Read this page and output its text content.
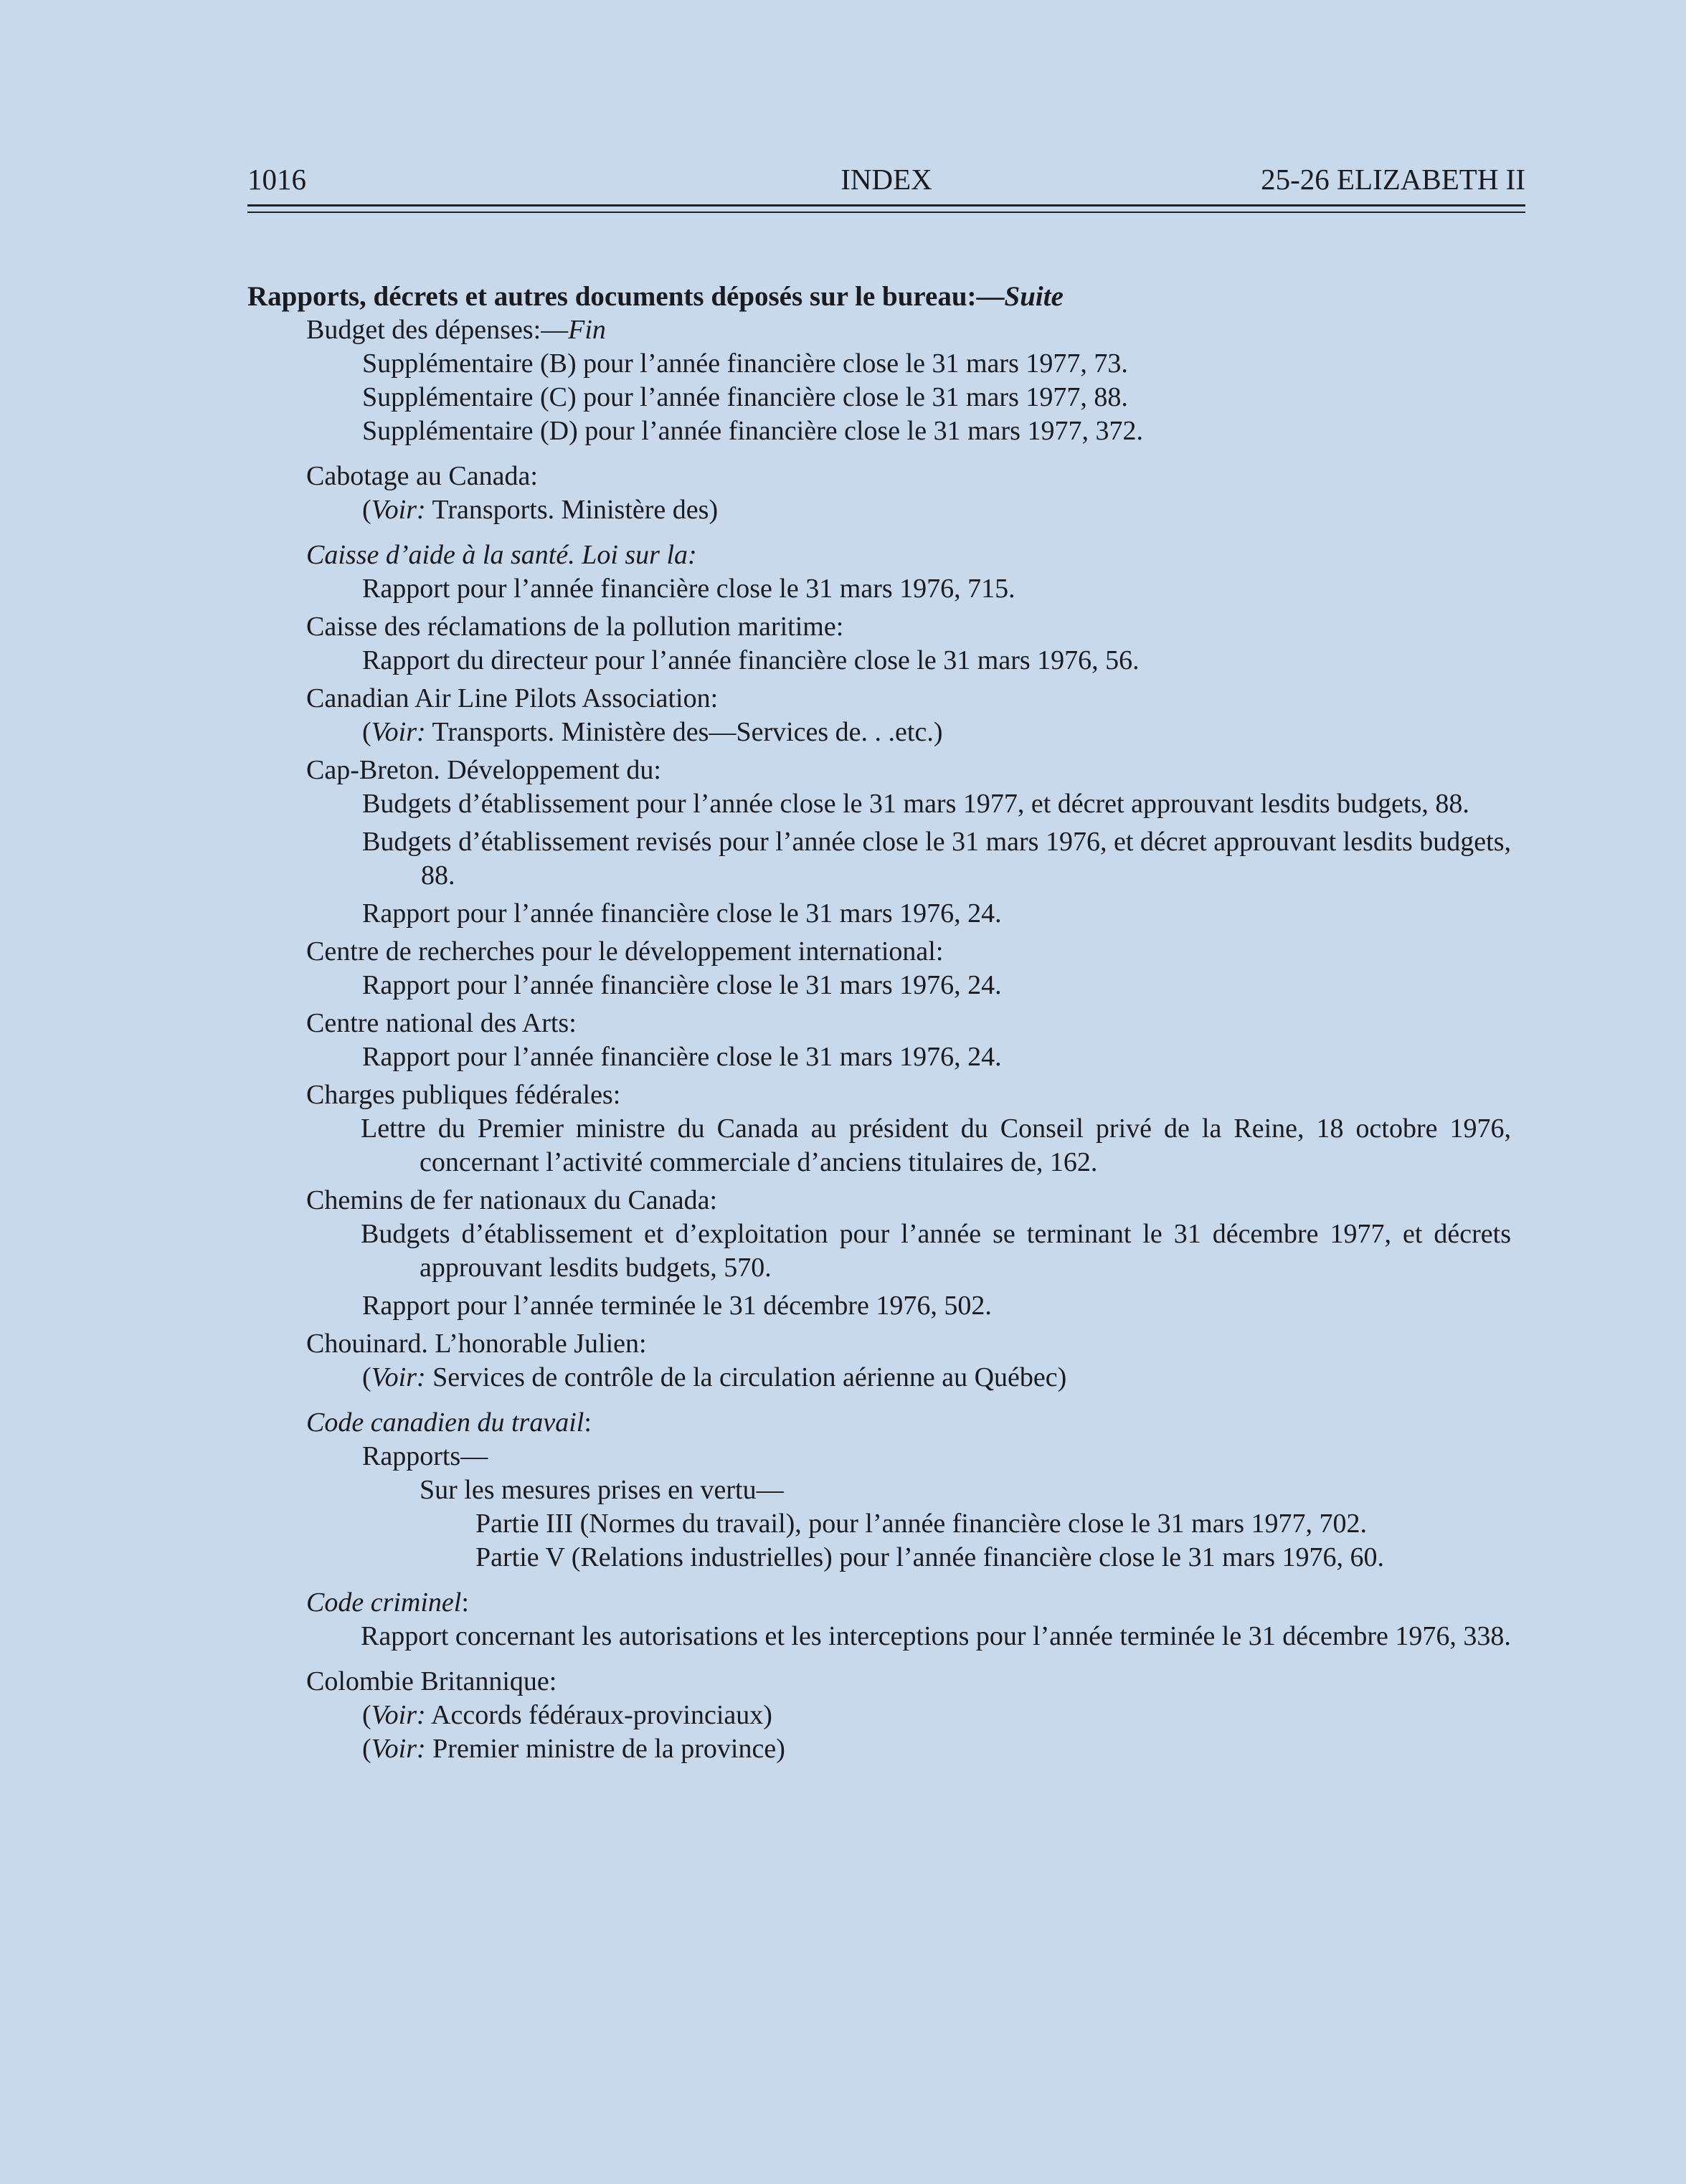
1016	INDEX	25-26 ELIZABETH II
Rapports, décrets et autres documents déposés sur le bureau:—Suite
Budget des dépenses:—Fin
Supplémentaire (B) pour l’année financière close le 31 mars 1977, 73.
Supplémentaire (C) pour l’année financière close le 31 mars 1977, 88.
Supplémentaire (D) pour l’année financière close le 31 mars 1977, 372.
Cabotage au Canada:
(Voir: Transports. Ministère des)
Caisse d’aide à la santé. Loi sur la:
Rapport pour l’année financière close le 31 mars 1976, 715.
Caisse des réclamations de la pollution maritime:
Rapport du directeur pour l’année financière close le 31 mars 1976, 56.
Canadian Air Line Pilots Association:
(Voir: Transports. Ministère des—Services de. . .etc.)
Cap-Breton. Développement du:
Budgets d’établissement pour l’année close le 31 mars 1977, et décret approuvant lesdits budgets, 88.
Budgets d’établissement revisés pour l’année close le 31 mars 1976, et décret approuvant lesdits budgets, 88.
Rapport pour l’année financière close le 31 mars 1976, 24.
Centre de recherches pour le développement international:
Rapport pour l’année financière close le 31 mars 1976, 24.
Centre national des Arts:
Rapport pour l’année financière close le 31 mars 1976, 24.
Charges publiques fédérales:
Lettre du Premier ministre du Canada au président du Conseil privé de la Reine, 18 octobre 1976, concernant l’activité commerciale d’anciens titulaires de, 162.
Chemins de fer nationaux du Canada:
Budgets d’établissement et d’exploitation pour l’année se terminant le 31 décembre 1977, et décrets approuvant lesdits budgets, 570.
Rapport pour l’année terminée le 31 décembre 1976, 502.
Chouinard. L’honorable Julien:
(Voir: Services de contrôle de la circulation aérienne au Québec)
Code canadien du travail:
Rapports—
Sur les mesures prises en vertu—
Partie III (Normes du travail), pour l’année financière close le 31 mars 1977, 702.
Partie V (Relations industrielles) pour l’année financière close le 31 mars 1976, 60.
Code criminel:
Rapport concernant les autorisations et les interceptions pour l’année terminée le 31 décembre 1976, 338.
Colombie Britannique:
(Voir: Accords fédéraux-provinciaux)
(Voir: Premier ministre de la province)
